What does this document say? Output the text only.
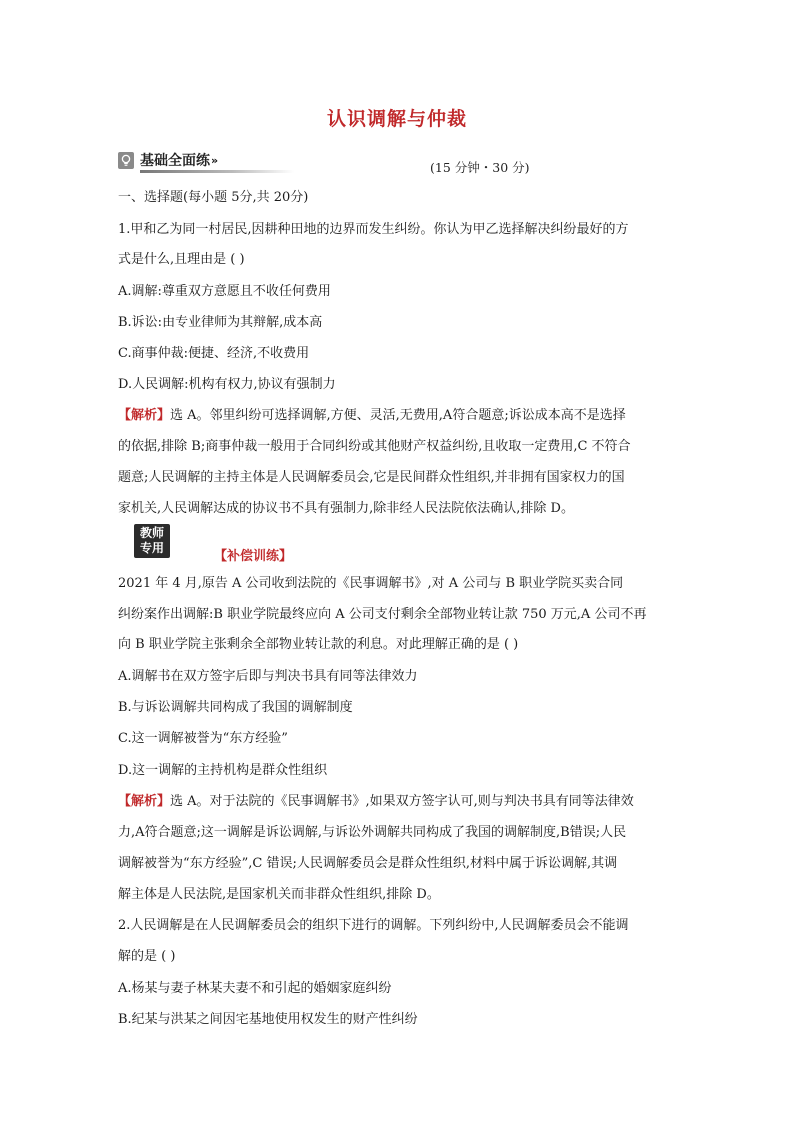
认识调解与仲裁
基础全面练 »	(15 分钟・30 分)
一、选择题(每小题 5分,共 20分)
1.甲和乙为同一村居民,因耕种田地的边界而发生纠纷。你认为甲乙选择解决纠纷最好的方
式是什么,且理由是 ( )
A.调解:尊重双方意愿且不收任何费用
B.诉讼:由专业律师为其辩解,成本高
C.商事仲裁:便捷、经济,不收费用
D.人民调解:机构有权力,协议有强制力
【解析】选 A。邻里纠纷可选择调解,方便、灵活,无费用,A符合题意;诉讼成本高不是选择
的依据,排除 B;商事仲裁一般用于合同纠纷或其他财产权益纠纷,且收取一定费用,C 不符合
题意;人民调解的主持主体是人民调解委员会,它是民间群众性组织,并非拥有国家权力的国
家机关,人民调解达成的协议书不具有强制力,除非经人民法院依法确认,排除 D。
2021 年 4 月,原告 A 公司收到法院的《民事调解书》,对 A 公司与 B 职业学院买卖合同
纠纷案作出调解:B 职业学院最终应向 A 公司支付剩余全部物业转让款 750 万元,A 公司不再
向 B 职业学院主张剩余全部物业转让款的利息。对此理解正确的是 ( )
A.调解书在双方签字后即与判决书具有同等法律效力
B.与诉讼调解共同构成了我国的调解制度
C.这一调解被誉为“东方经验”
D.这一调解的主持机构是群众性组织
【解析】选 A。对于法院的《民事调解书》,如果双方签字认可,则与判决书具有同等法律效
力,A符合题意;这一调解是诉讼调解,与诉讼外调解共同构成了我国的调解制度,B错误;人民
调解被誉为“东方经验”,C 错误;人民调解委员会是群众性组织,材料中属于诉讼调解,其调
解主体是人民法院,是国家机关而非群众性组织,排除 D。
2.人民调解是在人民调解委员会的组织下进行的调解。下列纠纷中,人民调解委员会不能调
解的是 ( )
A.杨某与妻子林某夫妻不和引起的婚姻家庭纠纷
B.纪某与洪某之间因宅基地使用权发生的财产性纠纷
教师
专用
【补偿训练】
